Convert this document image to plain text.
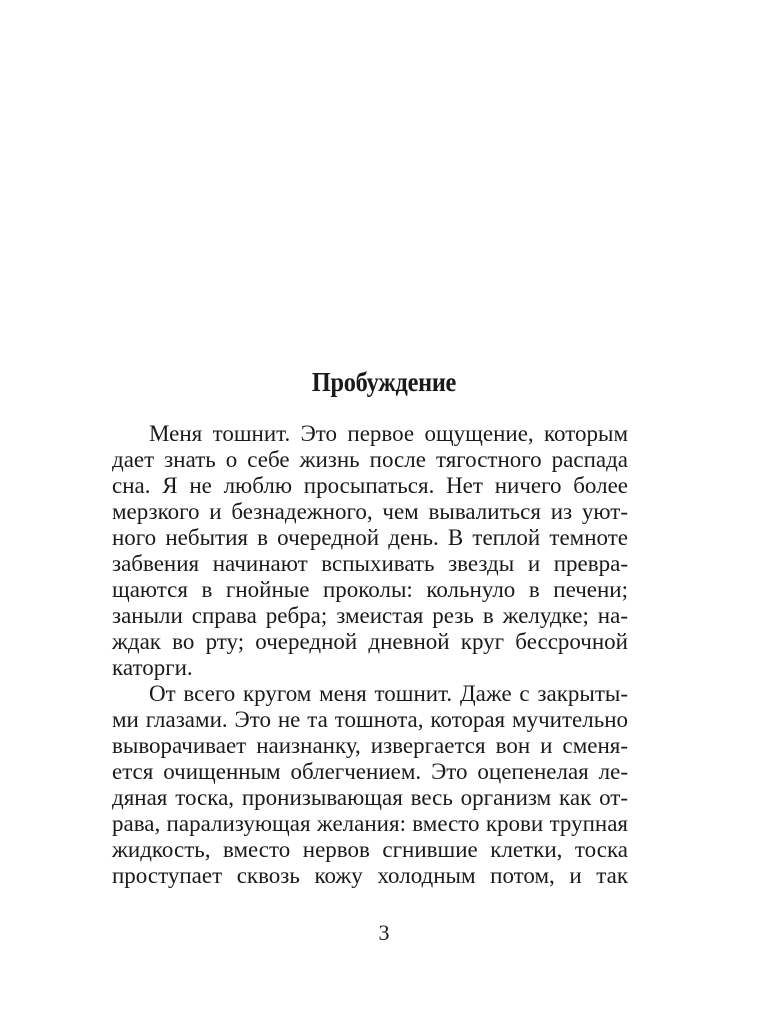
Пробуждение
Меня тошнит. Это первое ощущение, которым
дает знать о себе жизнь после тягостного распада
сна. Я не люблю просыпаться. Нет ничего более
мерзкого и безнадежного, чем вывалиться из уют-
ного небытия в очередной день. В теплой темноте
забвения начинают вспыхивать звезды и превра-
щаются в гнойные проколы: кольнуло в печени;
заныли справа ребра; змеистая резь в желудке; на-
ждак во рту; очередной дневной круг бессрочной
каторги.
От всего кругом меня тошнит. Даже с закрыты-
ми глазами. Это не та тошнота, которая мучительно
выворачивает наизнанку, извергается вон и сменя-
ется очищенным облегчением. Это оцепенелая ле-
дяная тоска, пронизывающая весь организм как от-
рава, парализующая желания: вместо крови трупная
жидкость, вместо нервов сгнившие клетки, тоска
проступает сквозь кожу холодным потом, и так
3
